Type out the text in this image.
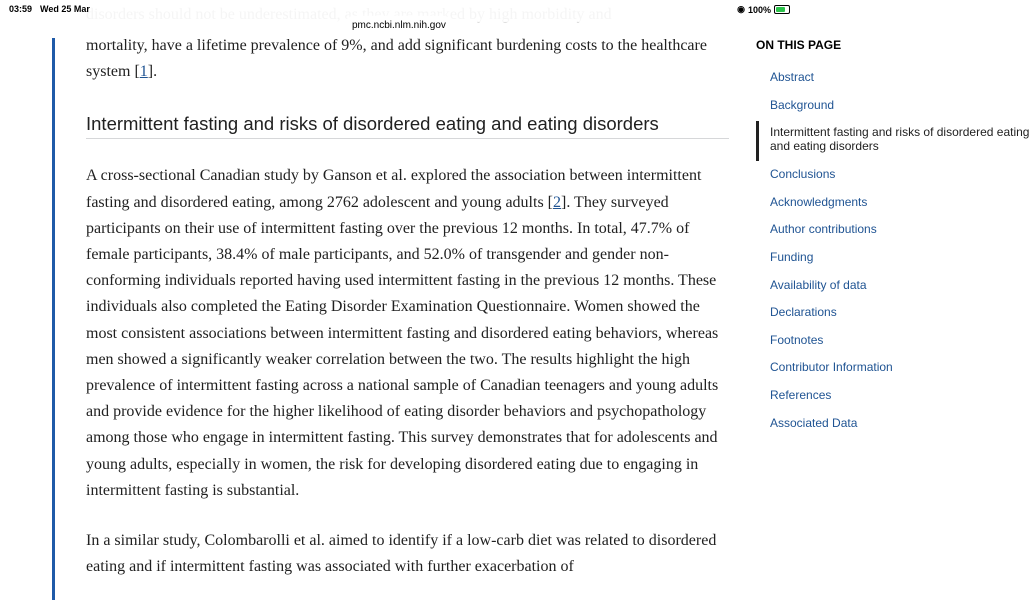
03:59 Wed 25 Mar	◉ 100%
pmc.ncbi.nlm.nih.gov

mortality, have a lifetime prevalence of 9%, and add significant burdening costs to the healthcare system [1].

Intermittent fasting and risks of disordered eating and eating disorders

A cross-sectional Canadian study by Ganson et al. explored the association between intermittent fasting and disordered eating, among 2762 adolescent and young adults [2]. They surveyed participants on their use of intermittent fasting over the previous 12 months. In total, 47.7% of female participants, 38.4% of male participants, and 52.0% of transgender and gender non-conforming individuals reported having used intermittent fasting in the previous 12 months. These individuals also completed the Eating Disorder Examination Questionnaire. Women showed the most consistent associations between intermittent fasting and disordered eating behaviors, whereas men showed a significantly weaker correlation between the two. The results highlight the high prevalence of intermittent fasting across a national sample of Canadian teenagers and young adults and provide evidence for the higher likelihood of eating disorder behaviors and psychopathology among those who engage in intermittent fasting. This survey demonstrates that for adolescents and young adults, especially in women, the risk for developing disordered eating due to engaging in intermittent fasting is substantial.

In a similar study, Colombarolli et al. aimed to identify if a low-carb diet was related to disordered eating and if intermittent fasting was associated with further exacerbation of

ON THIS PAGE
Abstract
Background
Intermittent fasting and risks of disordered eating
and eating disorders
Conclusions
Acknowledgments
Author contributions
Funding
Availability of data
Declarations
Footnotes
Contributor Information
References
Associated Data
